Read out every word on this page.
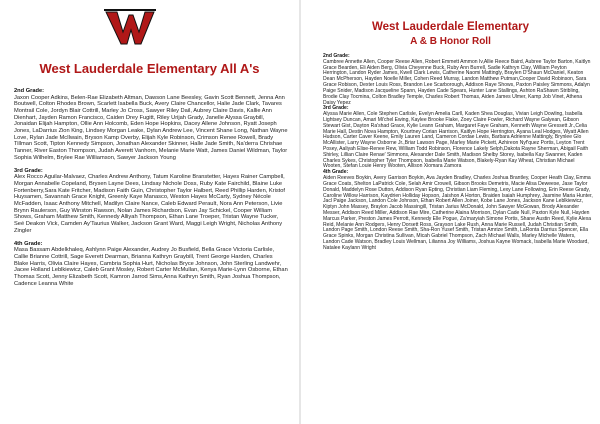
West Lauderdale Elementary All A's

2nd Grade:

Jaxon Cooper Adkins, Belen-Rae Elizabeth Altman, Dawson Lane Beesley, Gavin Scott Bennett, Jenna Ann Boutwell, Colton Rhodes Brown, Scarlett Isabella Buck, Avery Claire Chancellor, Halie Jade Clark, Tavares Montrail Cole, Jordyn Blair Cottrill, Marley Jo Cross, Sawyer Riley Dail, Aubrey Claire Davis, Kallie Ann Dienhart, Jayden Ramon Francisco, Caiden Drey Fugitt, Riley Urijah Grady, Janelle Alyssa Graybill, Jonaidan Elijah Hampton, Ollie Ann Holcomb, Eden Hope Hopkins, Dacey Allene Johnson, Ryatt Joseph Jones, LaDarrius Zion King, Lindsey Morgan Leake, Dylan Andrew Lee, Vincent Shane Long, Nathan Wayne Love, Rylan Jade McIlwain, Bryson Kamp Overby, Elijah Kyle Robinson, Crimson Renee Rowell, Brady Tillman Scott, Tipton Kennedy Simpson, Jonathan Alexander Skinner, Halle Jade Smith, Na'derra Chrishae Tanner, River Easton Thompson, Judah Averett Vanhorn, Melanie Marie Watt, James Daniel Wildman, Taylor Sophia Wilhelm, Brylee Rae Williamson, Sawyer Jackson Young

3rd Grade:

Alex Rocco Aguilar-Malvaez, Charles Andrew Anthony, Tatum Karoline Branstetter, Hayes Rainer Campbell, Morgan Annabelle Copeland, Brysen Layne Dees, Lindsay Nichole Doss, Ruby Kate Fairchild, Blaine Luke Fortenberry,Sara Kate Fritcher, Madison Faith Guin, Christopher Taylor Halbert, Reed Phillip Harden, Kristof Huysamen, Savannah Grace Knight, Greenly Kaye Manasco, Weston Hayes McCarty, Sydney Nécole McFadden, Isaac Anthony Mitchell, Madilyn Claire Nance, Caleb Edward Perault, Nora Ann Peterson, Livie Brynn Raulerson, Guy Winston Rawson, Nolan James Richardson, Evan Jay Schickel, Cooper William Shows, Graham Matthew Smith, Kennedy Alliyah Thompson, Ethan Lane Troeper, Tristan Wayne Tucker, Seé Deakon Vick, Camden Ay'Taurius Walker, Jackson Grant Ward, Maggi Leigh Wright, Nicholas Anthony Zingler

4th Grade:

Masa Bassam Abdelkhaleq, Ashlynn Paige Alexander, Audrey Jo Busfield, Bella Grace Victoria Carlisle, Callie Brianne Cottrill, Sage Everett Dearman, Brianna Kathryn Graybill, Trent George Harden, Charles Blake Harris, Olivia Claire Hayes, Cambria Sophia Hurt, Nicholas Bryce Johnson, John Sterling Landwehr, Jacee Holland Leblkiewicz, Caleb Grant Mosley, Robert Carter McMullan, Kenya Marie-Lynn Osborne, Ethan Thomas Scott, Jenny Elizabeth Scott, Kamron Jarrod Sims,Anna Kathryn Smith, Ryan Joshua Thompson, Cadence Leanna White

West Lauderdale Elementary
A & B Honor Roll

2nd Grade:

Cambree Annette Allen, Cooper Reese Allen, Robert Emmett Ammon Iv,Allie Reece Baird, Aubree Taylor Barton, Kaitlyn Grace Bearden, Eli Aiden Berg, Olivia Cheyenne Buck, Ruby Ann Burrell, Sadie Kathryn Clay, William Peyton Herrington, Landon Ryder James, Kwell Clark Lewis, Catherine Naomi Mattingly, Braylen D'Shaun McDaniel, Keaton Dean McPherson, Hayden Noelle Miller, Cohen Reed Murray, Landon Matthew Putman,Cooper David Robinson, Sara Grace Robison, Dexter Louis Ross, Brandon Lee Scarborough, Addison Raye Shows, Paxton Paisley Simmons, Adalyn Paige Snider, Madison Jacqueline Spann, Hayden Cade Spears, Hunter Lane Stallings, Ashton RaShawn Stribling, Brodie Clay Tocmina, Colton Bradley Temple, Charles Robert Thomas, Aiden James Ulmer, Kamp Job Vinet, Athena Daisy Yepez

3rd Grade:

Alyssa Marie Allen, Cole Stephen Carlisle, Evelyn Amelia Carll, Kaden Shea Douglas, Vivian Leigh Dowling, Isabella Lightsey Duncan, Amari Mi'chel Ewing, Kaylee Brooke Flake, Zoey Claire Fowler, Richard Wayne Galyean, Gibson Stewart Gist, Dayton Ra'shad Grace, Kylie Leann Graham, Margaret Faye Graham, Kenneth Wayne Gressett Jr.,Celia Marie Hall, Destin Nova Hampton, Kourtney Corian Harrison, Kaitlyn Hope Herrington, Ayana Leal Hodges, Wyatt Allen Hudson, Carter Caver Keene, Emily Lauren Land, Cameron Cordae Lewis, Barbara Adrienne Mattingly, Brynlee Glo McAllister, Larry Wayne Osborne Jr.,Briar Lawson Page, Marley Marie Pickett, Azhireon Nyf'quez Portis, Leyton Trent Posey, Aaliyah Elise-Renee Rew, William Todd Robinson, Florence Lakely Selph,Dakota Rayne Sherman, Abigail Faith Shirley, Lillian Claire Renae' Simmons, Alexander Dale Smith, Madison Shelby Storey, Isabella Kay Swanner, Kaden Charles Sykes, Christopher Tyler Thompson, Isabella Marie Watson, Blakely-Ryan Kay Wheat, Christian Michael Wooten, Stefan Louie Henry Wooten, Allison Xiomara Zamora

4th Grade:

Aiden Reeves Boykin, Avery Garrison Boykin, Ava Jayden Bradley, Charles Joshua Brantley, Cooper Heath Clay, Emma Grace Coats, Shelton LaPatrick Cole, Selah Amir Crowell, Gibson Brooks Demetris, Macie Alisa Deweese, Jase Taylor Donald, Maddelyn Rose Dutton, Addison Ryan Epting, Christian Liam Fleming, Lexy Lane Following, Erin Reese Grady, Caroline Willow Harrison, Kaydrien Holliday Hopson, Jaishon A Horton, Braiden Isaiah Humphrey, Jasmine Maria Hunter, Jacl Paige Jackson, Landon Cole Johnson, Ethan Robert Allen Joiner, Kobe Lane Jones, Jackson Kane Leblkiewicz, Kiptyn John Massey, Braylon Jacob Massingill, Tristan Jarius McDonald, John Sawyer McGowan, Brody Alexander Messer, Addison Reed Miller, Addison Rae Mire, Catherine Alaina Morrison, Dylan Cade Null, Paxton Kyle Null, Hayden Marcus Parker, Preston James Perrott, Kennedy Elle Pogue, Za'maryiah Simone Portis, Shane Austin Reed, Kylie Alexa Reid, Melanie Ann Rodgers, Henry Dorsett Ross, Grayson Lake Rush, Anna Marie Russell, Judah Christian Smith, Landon Page Smith, London Reese Smith, Sha-Ron Yusef Smith, Tristan Amrize Smith, LaRonta Darrius Spencer, Ella Grace Spinks, Morgan Christina Sullivan, Micah Gabriel Thompson, Zach Michael Walls, Marley Michelle Waters, Landon Cade Watson, Bradley Louis Wellman, Lilianna Joy Williams, Joshua Kayne Womack, Isabella Marie Woodard, Natalee Kaylann Wright
